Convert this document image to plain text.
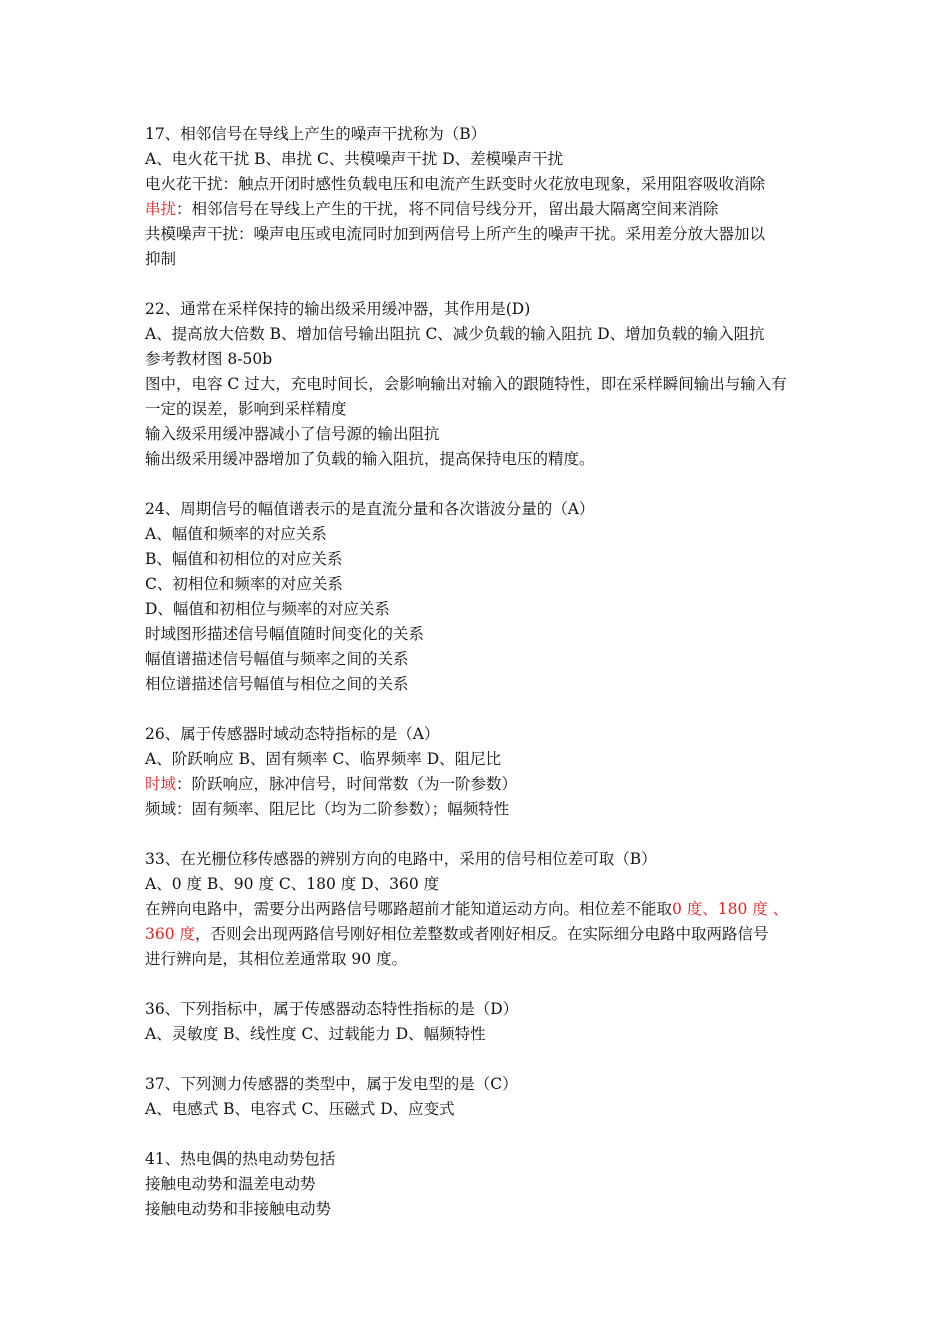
17、相邻信号在导线上产生的噪声干扰称为（B）
A、电火花干扰 B、串扰 C、共模噪声干扰 D、差模噪声干扰
电火花干扰：触点开闭时感性负载电压和电流产生跃变时火花放电现象，采用阻容吸收消除
串扰：相邻信号在导线上产生的干扰，将不同信号线分开，留出最大隔离空间来消除
共模噪声干扰：噪声电压或电流同时加到两信号上所产生的噪声干扰。采用差分放大器加以
抑制
22、通常在采样保持的输出级采用缓冲器，其作用是(D)
A、提高放大倍数 B、增加信号输出阻抗 C、减少负载的输入阻抗 D、增加负载的输入阻抗
参考教材图 8-50b
图中，电容 C 过大，充电时间长，会影响输出对输入的跟随特性，即在采样瞬间输出与输入有
一定的误差，影响到采样精度
输入级采用缓冲器减小了信号源的输出阻抗
输出级采用缓冲器增加了负载的输入阻抗，提高保持电压的精度。
24、周期信号的幅值谱表示的是直流分量和各次谐波分量的（A）
A、幅值和频率的对应关系
B、幅值和初相位的对应关系
C、初相位和频率的对应关系
D、幅值和初相位与频率的对应关系
时域图形描述信号幅值随时间变化的关系
幅值谱描述信号幅值与频率之间的关系
相位谱描述信号幅值与相位之间的关系
26、属于传感器时域动态特指标的是（A）
A、阶跃响应 B、固有频率 C、临界频率 D、阻尼比
时域：阶跃响应，脉冲信号，时间常数（为一阶参数）
频域：固有频率、阻尼比（均为二阶参数）；幅频特性
33、在光栅位移传感器的辨别方向的电路中，采用的信号相位差可取（B）
A、0 度 B、90 度 C、180 度 D、360 度
在辨向电路中，需要分出两路信号哪路超前才能知道运动方向。相位差不能取0 度、180 度 、
360 度，否则会出现两路信号刚好相位差整数或者刚好相反。在实际细分电路中取两路信号
进行辨向是，其相位差通常取 90 度。
36、下列指标中，属于传感器动态特性指标的是（D）
A、灵敏度 B、线性度 C、过载能力 D、幅频特性
37、下列测力传感器的类型中，属于发电型的是（C）
A、电感式 B、电容式 C、压磁式 D、应变式
41、热电偶的热电动势包括
接触电动势和温差电动势
接触电动势和非接触电动势
